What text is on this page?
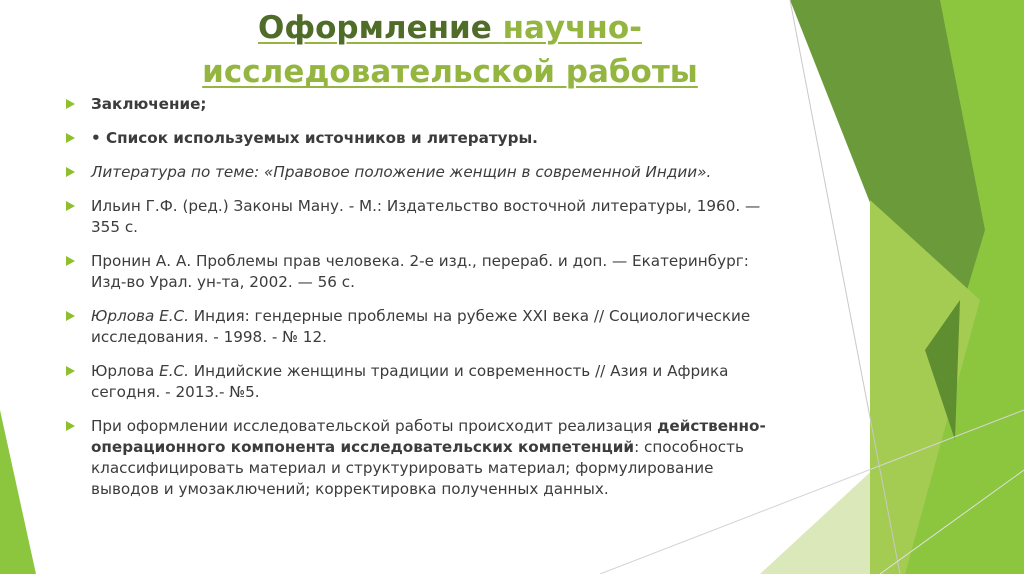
Оформление научно-
исследовательской работы
Заключение;
• Список используемых источников и литературы.
Литература по теме: «Правовое положение женщин в современной Индии».
Ильин Г.Ф. (ред.) Законы Ману. - М.: Издательство восточной литературы, 1960. —355 с.
Пронин А. А. Проблемы прав человека. 2-е изд., перераб. и доп. — Екатеринбург: Изд-во Урал. ун-та, 2002. — 56 с.
Юрлова Е.С. Индия: гендерные проблемы на рубеже XXI века // Социологические исследования. - 1998. - № 12.
Юрлова Е.С. Индийские женщины традиции и современность // Азия и Африка сегодня. - 2013.- №5.
При оформлении исследовательской работы происходит реализация действенно-операционного компонента исследовательских компетенций: способность классифицировать материал и структурировать материал; формулирование выводов и умозаключений; корректировка полученных данных.
